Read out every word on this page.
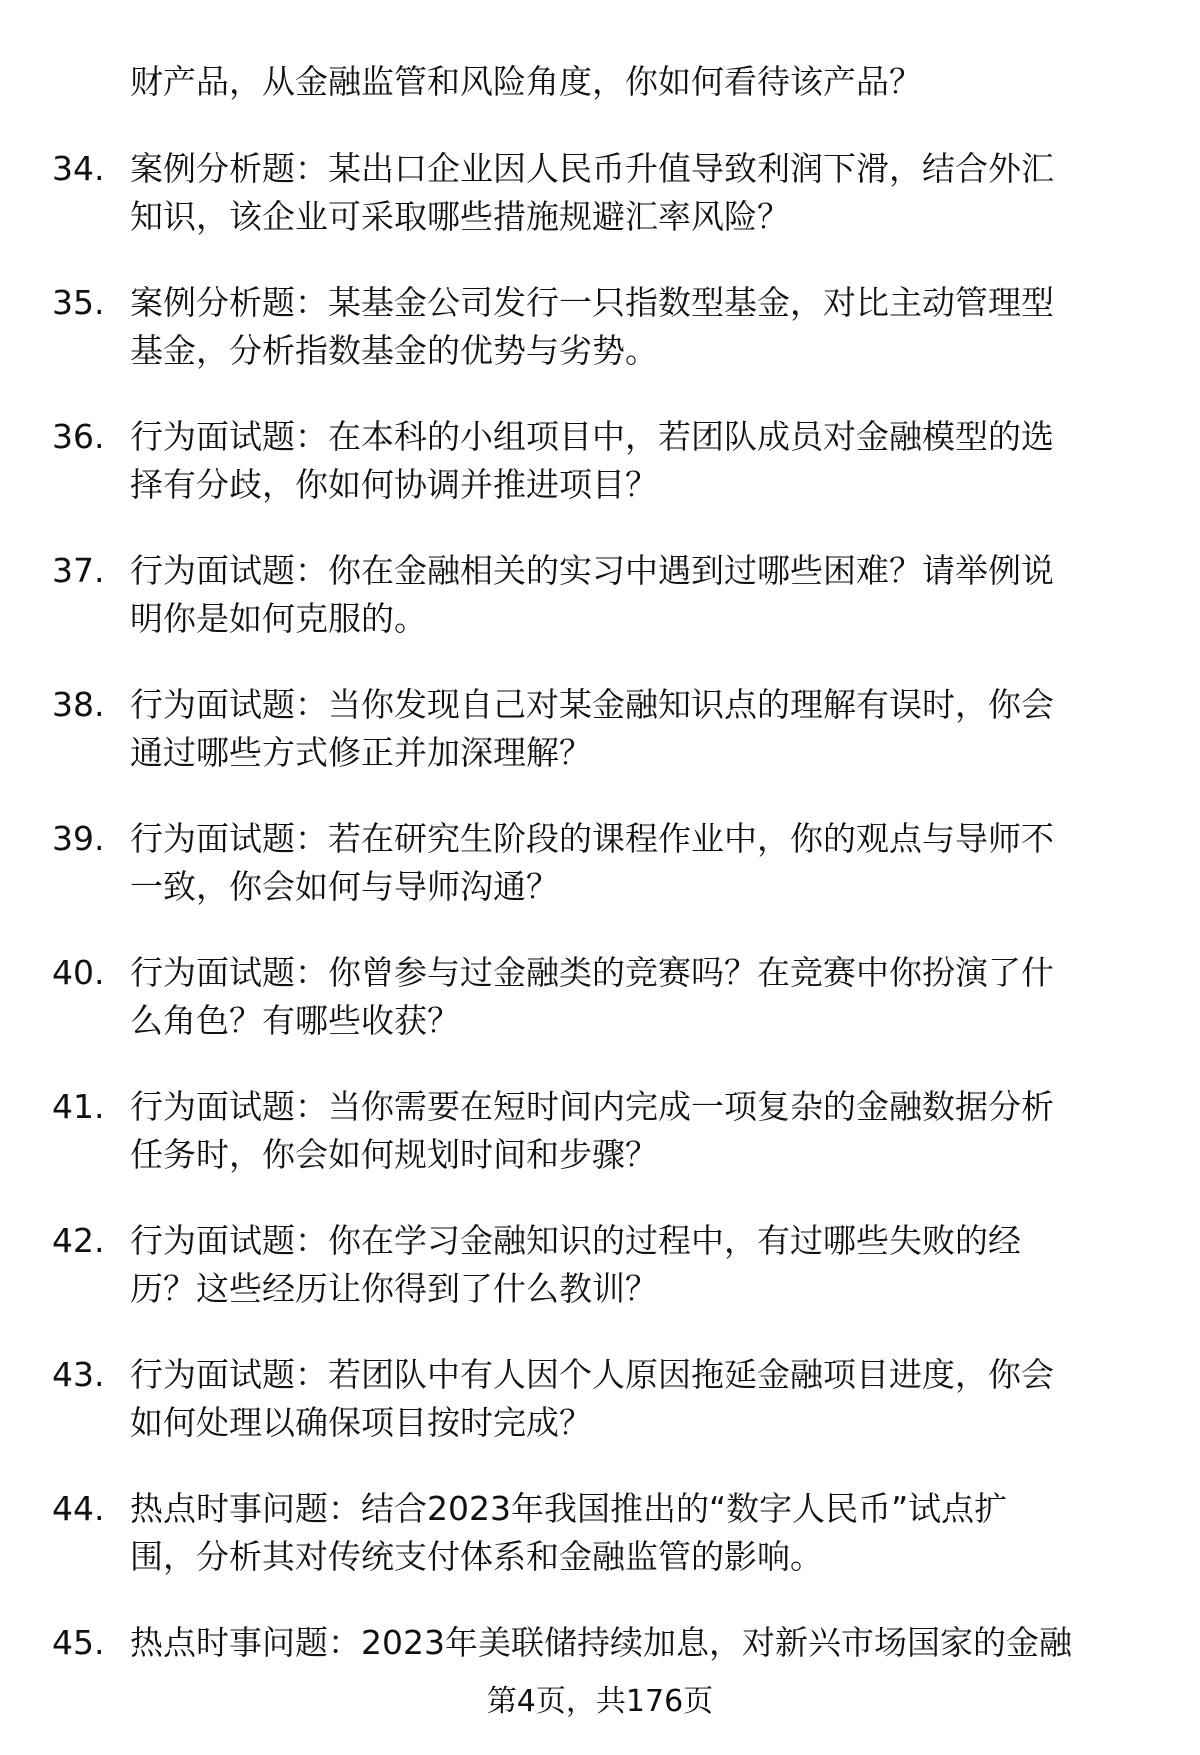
财产品，从金融监管和风险角度，你如何看待该产品？
34. 案例分析题：某出口企业因人民币升值导致利润下滑，结合外汇
知识，该企业可采取哪些措施规避汇率风险？
35. 案例分析题：某基金公司发行一只指数型基金，对比主动管理型
基金，分析指数基金的优势与劣势。
36. 行为面试题：在本科的小组项目中，若团队成员对金融模型的选
择有分歧，你如何协调并推进项目？
37. 行为面试题：你在金融相关的实习中遇到过哪些困难？请举例说
明你是如何克服的。
38. 行为面试题：当你发现自己对某金融知识点的理解有误时，你会
通过哪些方式修正并加深理解？
39. 行为面试题：若在研究生阶段的课程作业中，你的观点与导师不
一致，你会如何与导师沟通？
40. 行为面试题：你曾参与过金融类的竞赛吗？在竞赛中你扮演了什
么角色？有哪些收获？
41. 行为面试题：当你需要在短时间内完成一项复杂的金融数据分析
任务时，你会如何规划时间和步骤？
42. 行为面试题：你在学习金融知识的过程中，有过哪些失败的经
历？这些经历让你得到了什么教训？
43. 行为面试题：若团队中有人因个人原因拖延金融项目进度，你会
如何处理以确保项目按时完成？
44. 热点时事问题：结合2023年我国推出的“数字人民币”试点扩
围，分析其对传统支付体系和金融监管的影响。
45. 热点时事问题：2023年美联储持续加息，对新兴市场国家的金融
第4页，共176页
